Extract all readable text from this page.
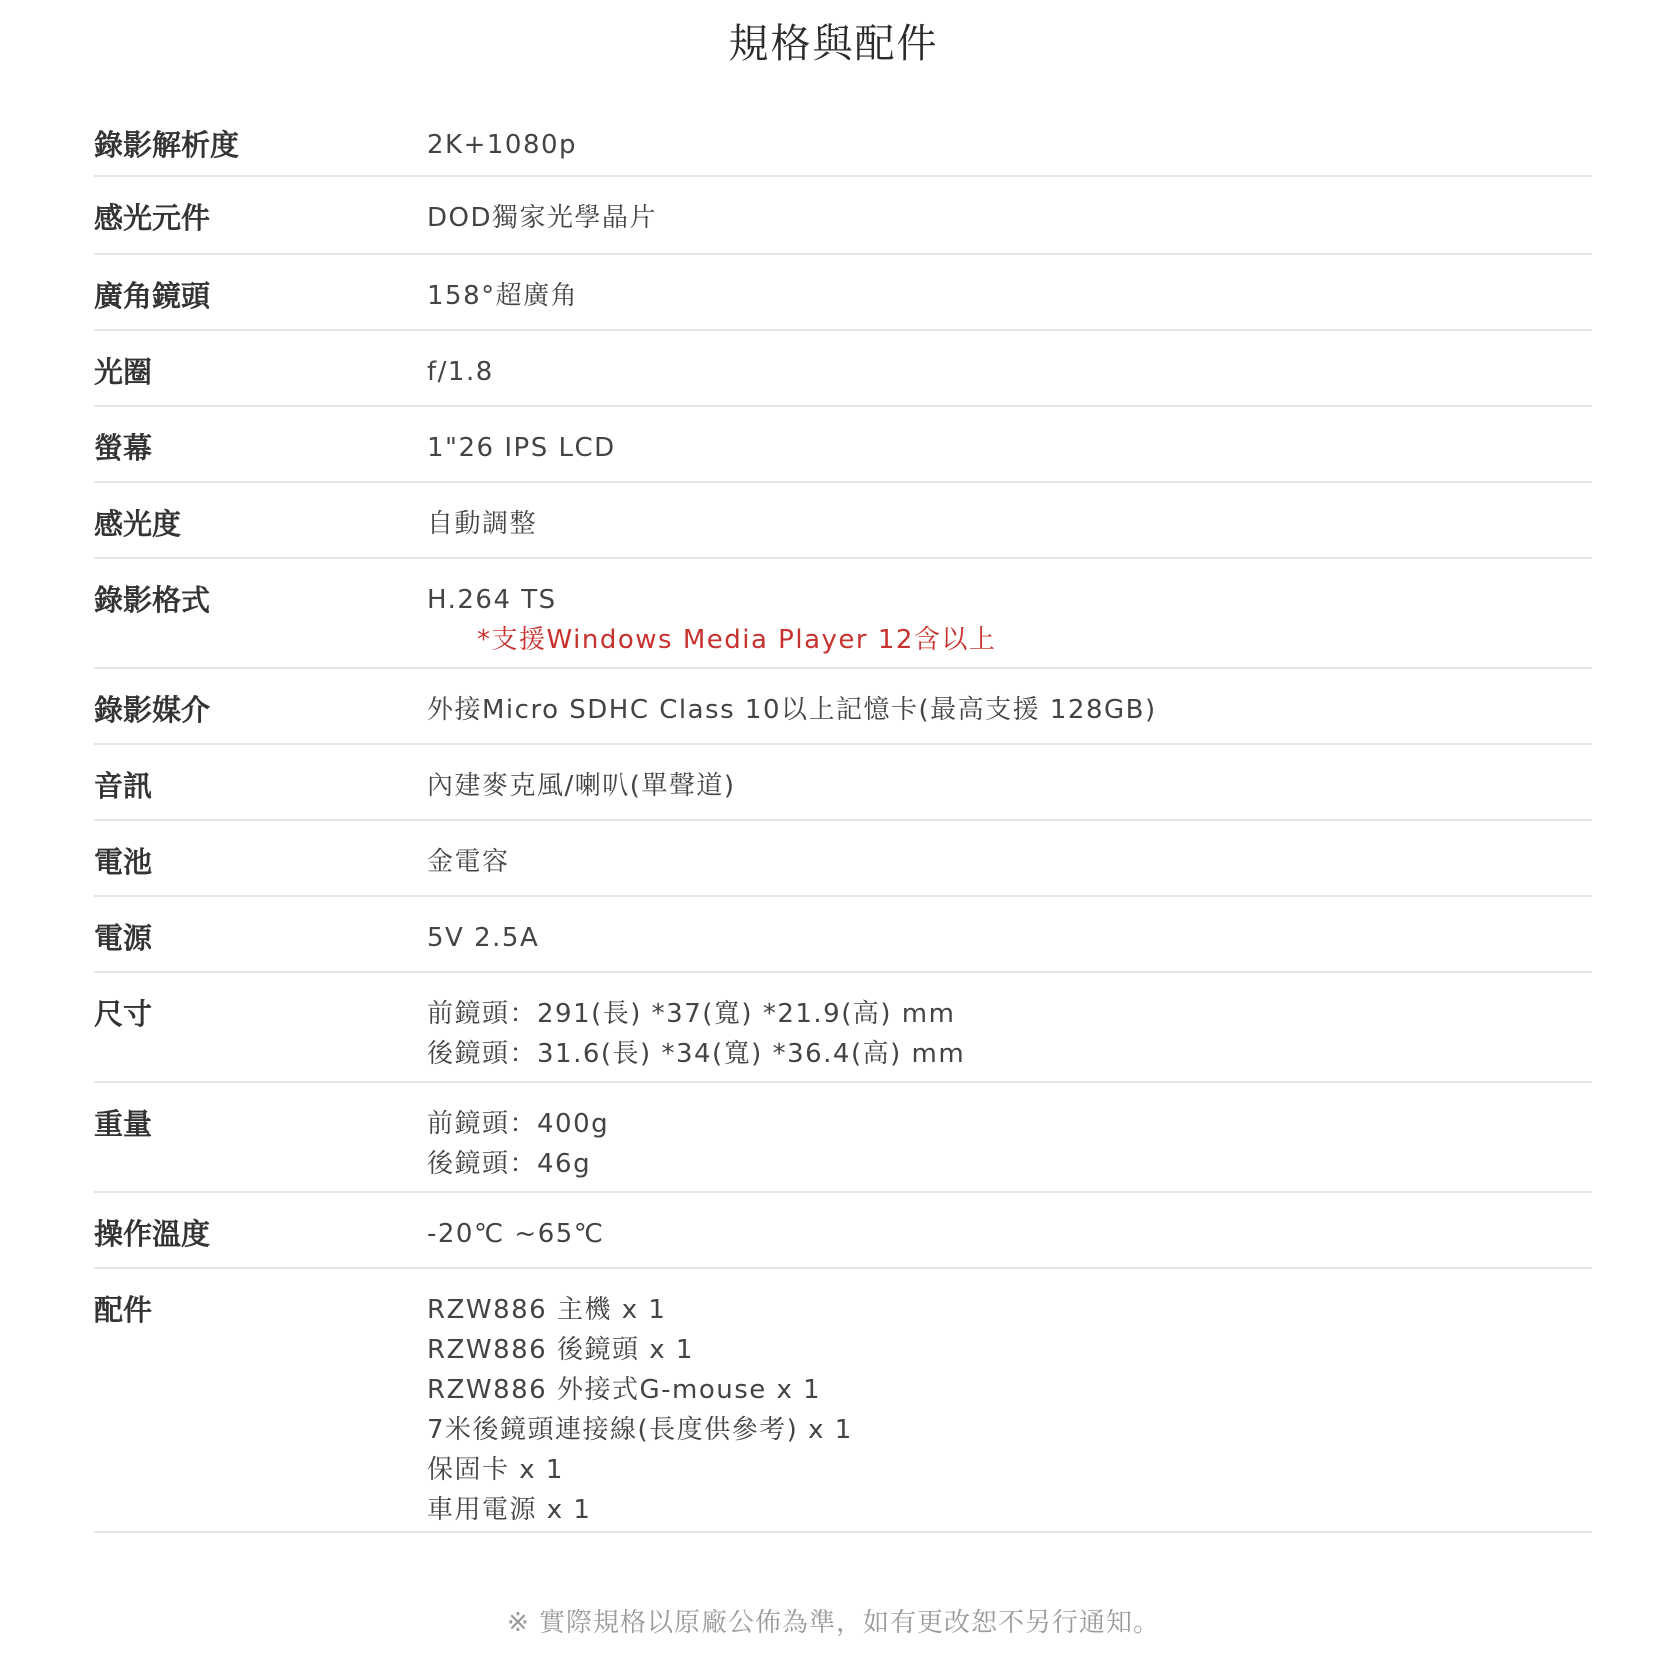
規格與配件
錄影解析度	2K+1080p
感光元件	DOD獨家光學晶片
廣角鏡頭	158°超廣角
光圈	f/1.8
螢幕	1"26 IPS LCD
感光度	自動調整
錄影格式	H.264 TS
*支援Windows Media Player 12含以上
錄影媒介	外接Micro SDHC Class 10以上記憶卡(最高支援 128GB)
音訊	內建麥克風/喇叭(單聲道)
電池	金電容
電源	5V 2.5A
尺寸	前鏡頭：291(長) *37(寬) *21.9(高) mm
後鏡頭：31.6(長) *34(寬) *36.4(高) mm
重量	前鏡頭：400g
後鏡頭：46g
操作溫度	-20℃ ~65℃
配件	RZW886 主機 x 1
RZW886 後鏡頭 x 1
RZW886 外接式G-mouse x 1
7米後鏡頭連接線(長度供參考) x 1
保固卡 x 1
車用電源 x 1
※ 實際規格以原廠公佈為準，如有更改恕不另行通知。
